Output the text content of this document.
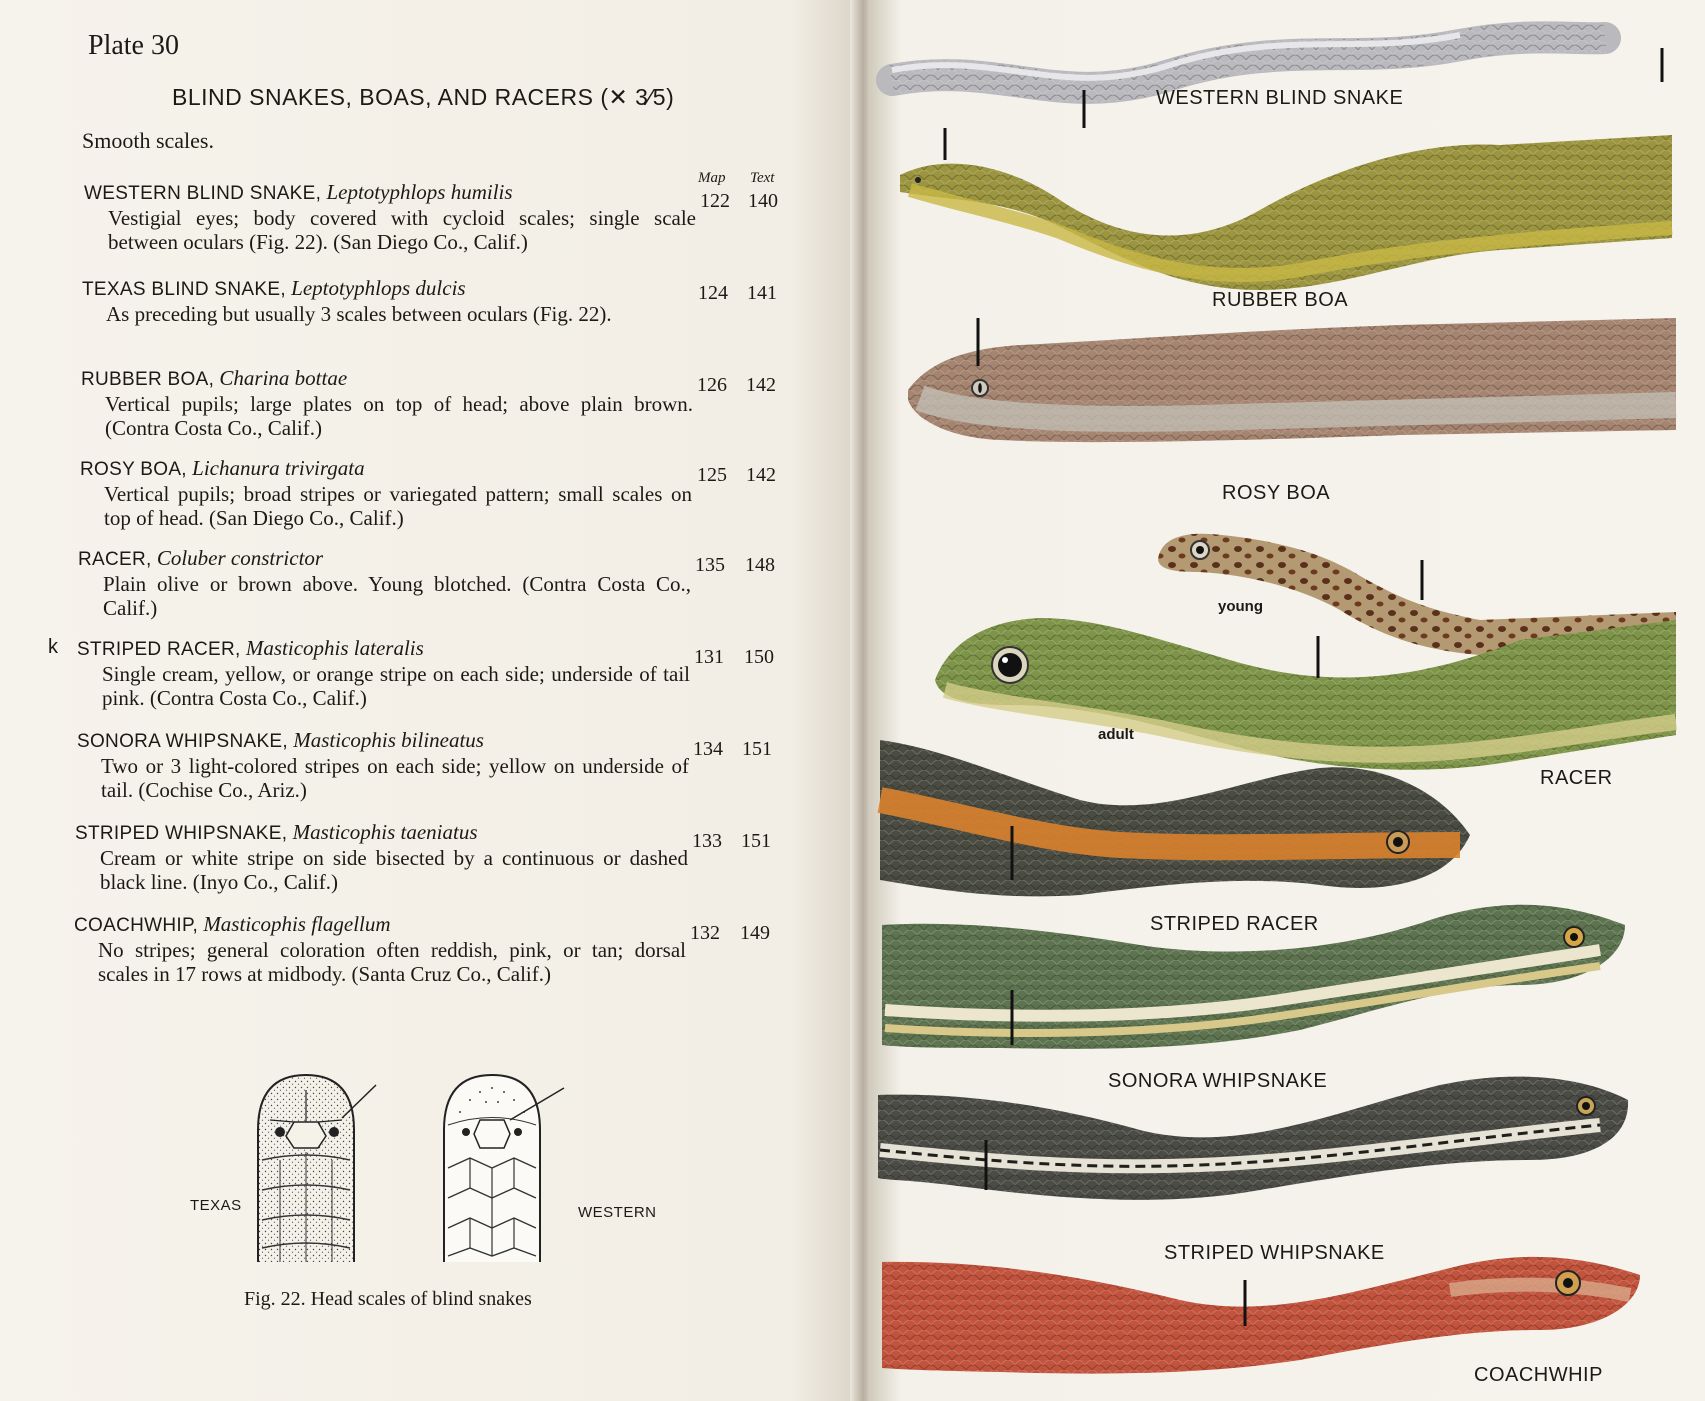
Plate 30
BLIND SNAKES, BOAS, AND RACERS (✕ 3⁄5)
Smooth scales.
Map Text
k
WESTERN BLIND SNAKE, Leptotyphlops humilis	122 140
Vestigial eyes; body covered with cycloid scales; single scale between oculars (Fig. 22). (San Diego Co., Calif.)
TEXAS BLIND SNAKE, Leptotyphlops dulcis	124 141
As preceding but usually 3 scales between oculars (Fig. 22).
RUBBER BOA, Charina bottae	126 142
Vertical pupils; large plates on top of head; above plain brown. (Contra Costa Co., Calif.)
ROSY BOA, Lichanura trivirgata	125 142
Vertical pupils; broad stripes or variegated pattern; small scales on top of head. (San Diego Co., Calif.)
RACER, Coluber constrictor	135 148
Plain olive or brown above. Young blotched. (Contra Costa Co., Calif.)
STRIPED RACER, Masticophis lateralis	131 150
Single cream, yellow, or orange stripe on each side; underside of tail pink. (Contra Costa Co., Calif.)
SONORA WHIPSNAKE, Masticophis bilineatus	134 151
Two or 3 light-colored stripes on each side; yellow on underside of tail. (Cochise Co., Ariz.)
STRIPED WHIPSNAKE, Masticophis taeniatus	133 151
Cream or white stripe on side bisected by a continuous or dashed black line. (Inyo Co., Calif.)
COACHWHIP, Masticophis flagellum	132 149
No stripes; general coloration often reddish, pink, or tan; dorsal scales in 17 rows at midbody. (Santa Cruz Co., Calif.)
TEXAS	WESTERN
Fig. 22. Head scales of blind snakes
WESTERN BLIND SNAKE
RUBBER BOA
ROSY BOA
young
adult
RACER
STRIPED RACER
SONORA WHIPSNAKE
STRIPED WHIPSNAKE
COACHWHIP
